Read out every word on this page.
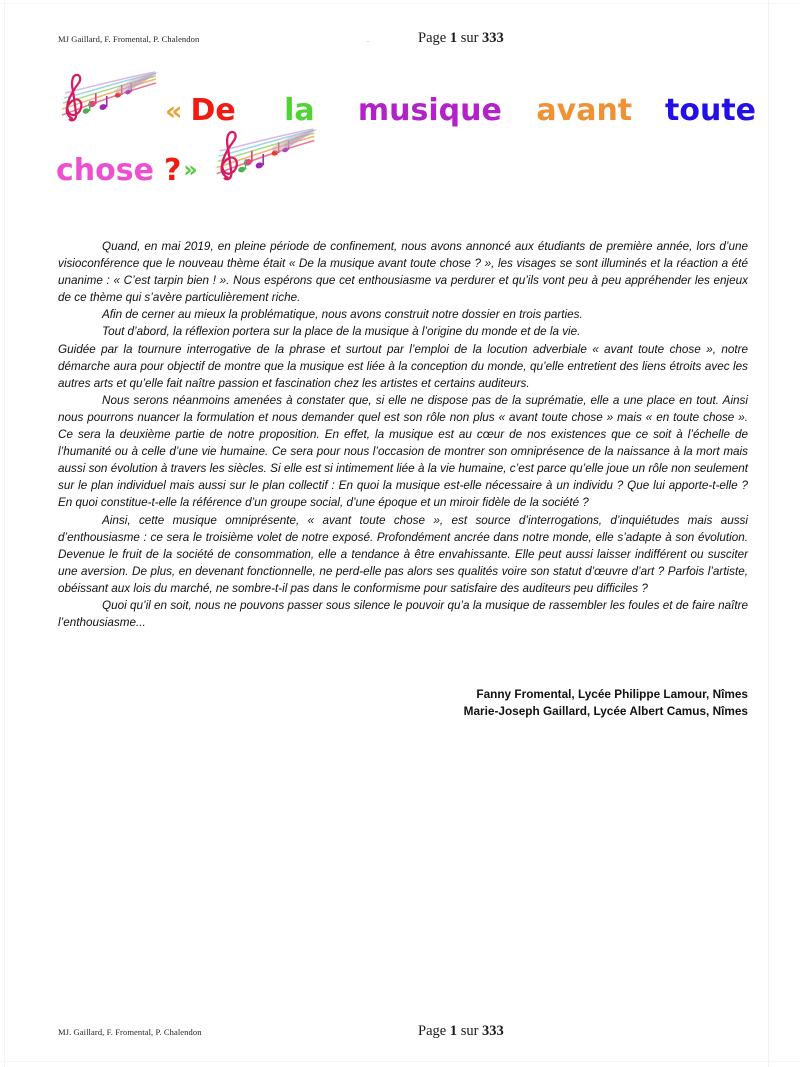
MJ Gaillard, F. Fromental, P. Chalendon	.	Page 1 sur 333
« De la musique avant toute
chose ? »

Quand, en mai 2019, en pleine période de confinement, nous avons annoncé aux étudiants de première année, lors d’une visioconférence que le nouveau thème était « De la musique avant toute chose ? », les visages se sont illuminés et la réaction a été unanime : « C’est tarpin bien ! ». Nous espérons que cet enthousiasme va perdurer et qu’ils vont peu à peu appréhender les enjeux de ce thème qui s’avère particulièrement riche.

Afin de cerner au mieux la problématique, nous avons construit notre dossier en trois parties.

Tout d’abord, la réflexion portera sur la place de la musique à l’origine du monde et de la vie.

Guidée par la tournure interrogative de la phrase et surtout par l’emploi de la locution adverbiale « avant toute chose », notre démarche aura pour objectif de montre que la musique est liée à la conception du monde, qu’elle entretient des liens étroits avec les autres arts et qu’elle fait naître passion et fascination chez les artistes et certains auditeurs.

Nous serons néanmoins amenées à constater que, si elle ne dispose pas de la suprématie, elle a une place en tout. Ainsi nous pourrons nuancer la formulation et nous demander quel est son rôle non plus « avant toute chose » mais « en toute chose ». Ce sera la deuxième partie de notre proposition. En effet, la musique est au cœur de nos existences que ce soit à l’échelle de l’humanité ou à celle d’une vie humaine. Ce sera pour nous l’occasion de montrer son omniprésence de la naissance à la mort mais aussi son évolution à travers les siècles. Si elle est si intimement liée à la vie humaine, c’est parce qu’elle joue un rôle non seulement sur le plan individuel mais aussi sur le plan collectif : En quoi la musique est-elle nécessaire à un individu ? Que lui apporte-t-elle ? En quoi constitue-t-elle la référence d’un groupe social, d’une époque et un miroir fidèle de la société ?

Ainsi, cette musique omniprésente, « avant toute chose », est source d’interrogations, d’inquiétudes mais aussi d’enthousiasme : ce sera le troisième volet de notre exposé. Profondément ancrée dans notre monde, elle s’adapte à son évolution. Devenue le fruit de la société de consommation, elle a tendance à être envahissante. Elle peut aussi laisser indifférent ou susciter une aversion. De plus, en devenant fonctionnelle, ne perd-elle pas alors ses qualités voire son statut d’œuvre d’art ? Parfois l’artiste, obéissant aux lois du marché, ne sombre-t-il pas dans le conformisme pour satisfaire des auditeurs peu difficiles ?

Quoi qu’il en soit, nous ne pouvons passer sous silence le pouvoir qu’a la musique de rassembler les foules et de faire naître l’enthousiasme...

Fanny Fromental, Lycée Philippe Lamour, Nîmes
Marie-Joseph Gaillard, Lycée Albert Camus, Nîmes
MJ. Gaillard, F. Fromental, P. Chalendon	Page 1 sur 333
